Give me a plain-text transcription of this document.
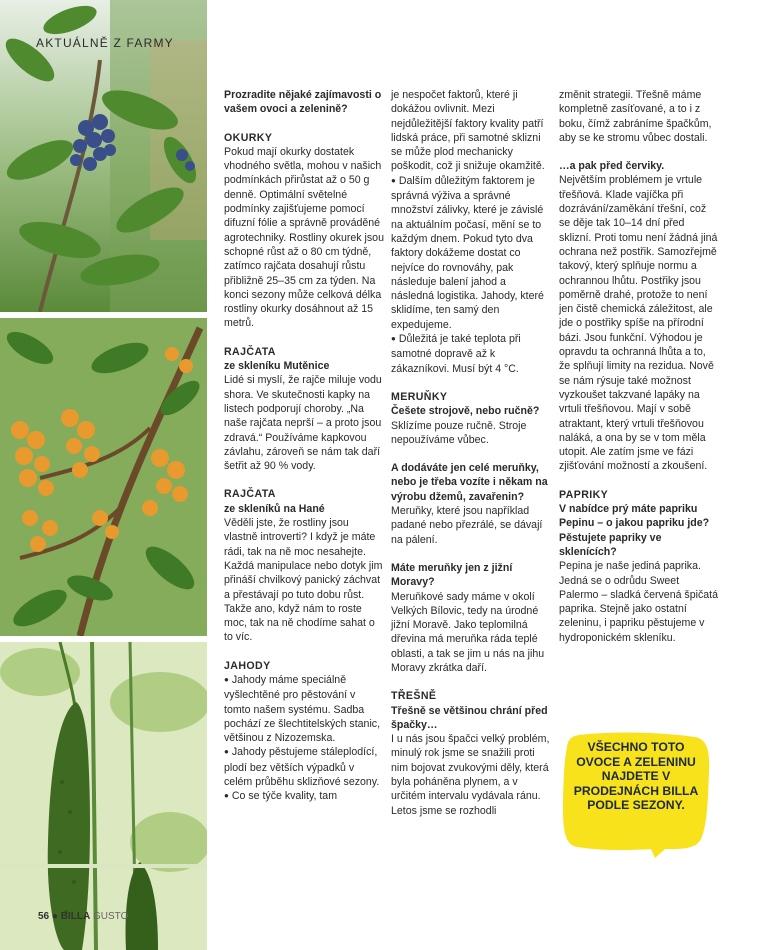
AKTUÁLNĚ Z FARMY
56 ● BILLA GUSTO

Prozradite nějaké zajímavosti o vašem ovoci a zelenině?

OKURKY

Pokud mají okurky dostatek vhodného světla, mohou v našich podmínkách přirůstat až o 50 g denně. Optimální světelné podmínky zajišťujeme pomocí difuzní fólie a správně prováděné agrotechniky. Rostliny okurek jsou schopné růst až o 80 cm týdně, zatímco rajčata dosahují růstu přibližně 25–35 cm za týden. Na konci sezony může celková délka rostliny okurky dosáhnout až 15 metrů.

RAJČATA
ze skleníku Mutěnice

Lidé si myslí, že rajče miluje vodu shora. Ve skutečnosti kapky na listech podporují choroby. „Na naše rajčata neprší – a proto jsou zdravá.“ Používáme kapkovou závlahu, zároveň se nám tak daří šetřit až 90 % vody.

RAJČATA
ze skleníků na Hané

Věděli jste, že rostliny jsou vlastně introverti? I když je máte rádi, tak na ně moc nesahejte. Každá manipulace nebo dotyk jim přináší chvilkový panický záchvat a přestávají po tuto dobu růst. Takže ano, když nám to roste moc, tak na ně chodíme sahat o to víc.

JAHODY
● Jahody máme speciálně vyšlechtěné pro pěstování v tomto našem systému. Sadba pochází ze šlechtitelských stanic, většinou z Nizozemska.
● Jahody pěstujeme stáleplodící, plodí bez větších výpadků v celém průběhu sklizňové sezony.
● Co se týče kvality, tam
je nespočet faktorů, které ji dokážou ovlivnit. Mezi nejdůležitější faktory kvality patří lidská práce, při samotné sklizni se může plod mechanicky poškodit, což ji snižuje okamžitě.
● Dalším důležitým faktorem je správná výživa a správné množství zálivky, které je závislé na aktuálním počasí, mění se to každým dnem. Pokud tyto dva faktory dokážeme dostat co nejvíce do rovnováhy, pak následuje balení jahod a následná logistika. Jahody, které sklidíme, ten samý den expedujeme.

● Důležitá je také teplota při samotné dopravě až k zákazníkovi. Musí být 4 °C.

MERUŇKY
Češete strojově, nebo ručně?

Sklízíme pouze ručně. Stroje nepoužíváme vůbec.

A dodáváte jen celé meruňky, nebo je třeba vozíte i někam na výrobu džemů, zavařenin?

Meruňky, které jsou například padané nebo přezrálé, se dávají na pálení.

Máte meruňky jen z jižní Moravy?

Meruňkové sady máme v okolí Velkých Bílovic, tedy na úrodné jižní Moravě. Jako teplomilná dřevina má meruňka ráda teplé oblasti, a tak se jim u nás na jihu Moravy zkrátka daří.

TŘEŠNĚ
Třešně se většinou chrání před špačky…
I u nás jsou špačci velký problém, minulý rok jsme se snažili proti nim bojovat zvukovými děly, která byla poháněna plynem, a v určitém intervalu vydávala ránu. Letos jsme se rozhodli

změnit strategii. Třešně máme kompletně zasíťované, a to i z boku, čímž zabráníme špačkům, aby se ke stromu vůbec dostali.

…a pak před červiky.

Největším problémem je vrtule třešňová. Klade vajíčka při dozrávání/zaměkání třešní, což se děje tak 10–14 dní před sklizní. Proti tomu není žádná jiná ochrana než postřik. Samozřejmě takový, který splňuje normu a ochrannou lhůtu. Postřiky jsou poměrně drahé, protože to není jen čistě chemická záležitost, ale jde o postřiky spíše na přírodní bázi. Jsou funkční. Výhodou je opravdu ta ochranná lhůta a to, že splňují limity na rezidua. Nově se nám rýsuje také možnost vyzkoušet takzvané lapáky na vrtuli třešňovou. Mají v sobě atraktant, který vrtuli třešňovou naláká, a ona by se v tom měla utopit. Ale zatím jsme ve fázi zjišťování možností a zkoušení.

PAPRIKY
V nabídce prý máte papriku Pepinu – o jakou papriku jde? Pěstujete papriky ve sklenících?

Pepina je naše jediná paprika. Jedná se o odrůdu Sweet Palermo – sladká červená špičatá paprika. Stejně jako ostatní zeleninu, i papriku pěstujeme v hydroponickém skleníku.

VŠECHNO TOTO OVOCE A ZELENINU NAJDETE V PRODEJNÁCH BILLA PODLE SEZONY.
